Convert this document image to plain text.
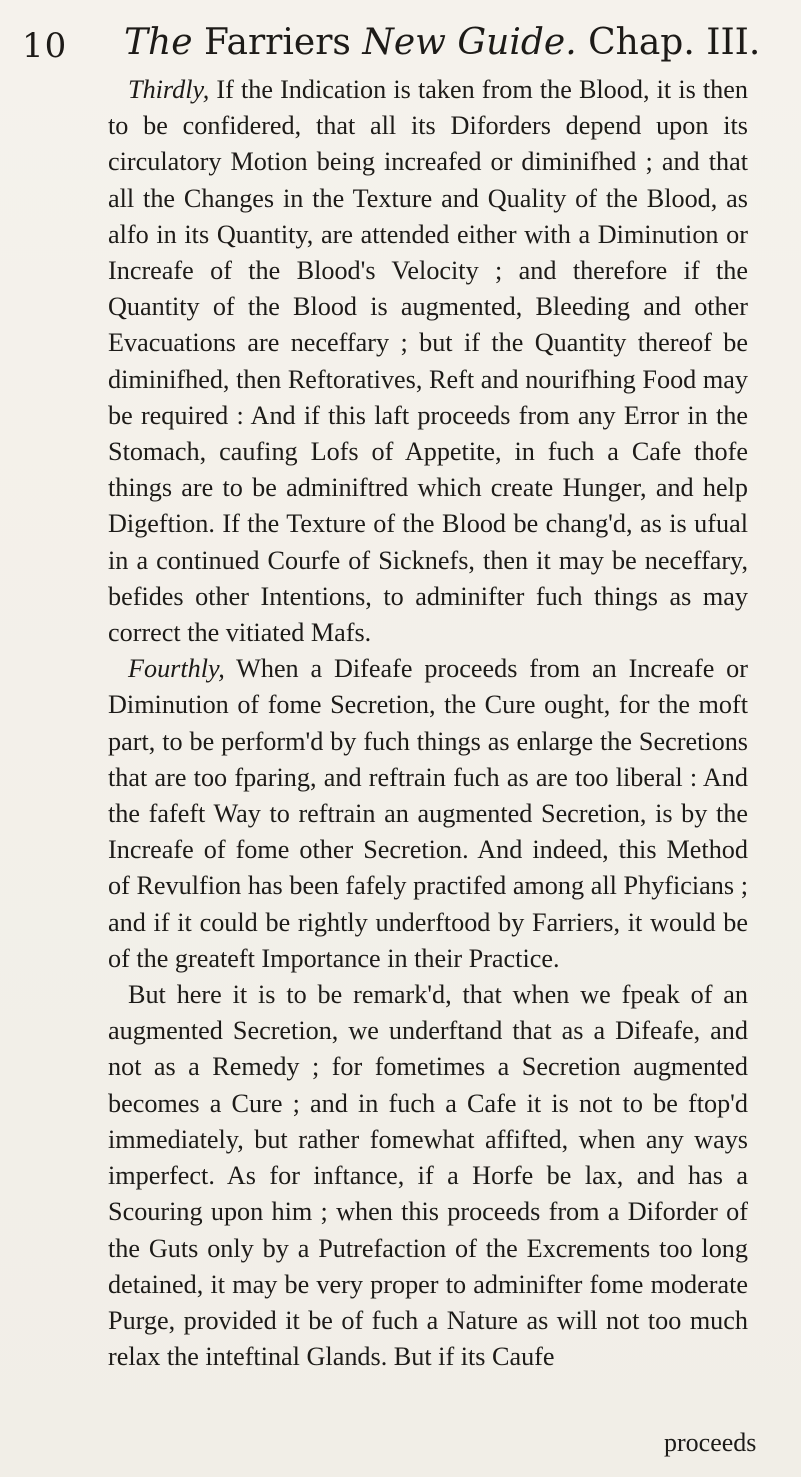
10 The Farriers New Guide. Chap. III.

Thirdly, If the Indication is taken from the Blood, it is then to be confidered, that all its Diforders depend upon its circulatory Motion being increafed or diminifhed ; and that all the Changes in the Texture and Quality of the Blood, as alfo in its Quantity, are attended either with a Diminution or Increafe of the Blood's Velocity ; and therefore if the Quantity of the Blood is augmented, Bleeding and other Evacuations are neceffary ; but if the Quantity thereof be diminifhed, then Reftoratives, Reft and nourifhing Food may be required : And if this laft proceeds from any Error in the Stomach, caufing Lofs of Appetite, in fuch a Cafe thofe things are to be adminiftred which create Hunger, and help Digeftion. If the Texture of the Blood be chang'd, as is ufual in a continued Courfe of Sicknefs, then it may be neceffary, befides other Intentions, to adminifter fuch things as may correct the vitiated Mafs.

Fourthly, When a Difeafe proceeds from an Increafe or Diminution of fome Secretion, the Cure ought, for the moft part, to be perform'd by fuch things as enlarge the Secretions that are too fparing, and reftrain fuch as are too liberal : And the fafeft Way to reftrain an augmented Secretion, is by the Increafe of fome other Secretion. And indeed, this Method of Revulfion has been fafely practifed among all Phyficians ; and if it could be rightly underftood by Farriers, it would be of the greateft Importance in their Practice.

But here it is to be remark'd, that when we fpeak of an augmented Secretion, we underftand that as a Difeafe, and not as a Remedy ; for fometimes a Secretion augmented becomes a Cure ; and in fuch a Cafe it is not to be ftop'd immediately, but rather fomewhat affifted, when any ways imperfect. As for inftance, if a Horfe be lax, and has a Scouring upon him ; when this proceeds from a Diforder of the Guts only by a Putrefaction of the Excrements too long detained, it may be very proper to adminifter fome moderate Purge, provided it be of fuch a Nature as will not too much relax the inteftinal Glands. But if its Caufe

proceeds
